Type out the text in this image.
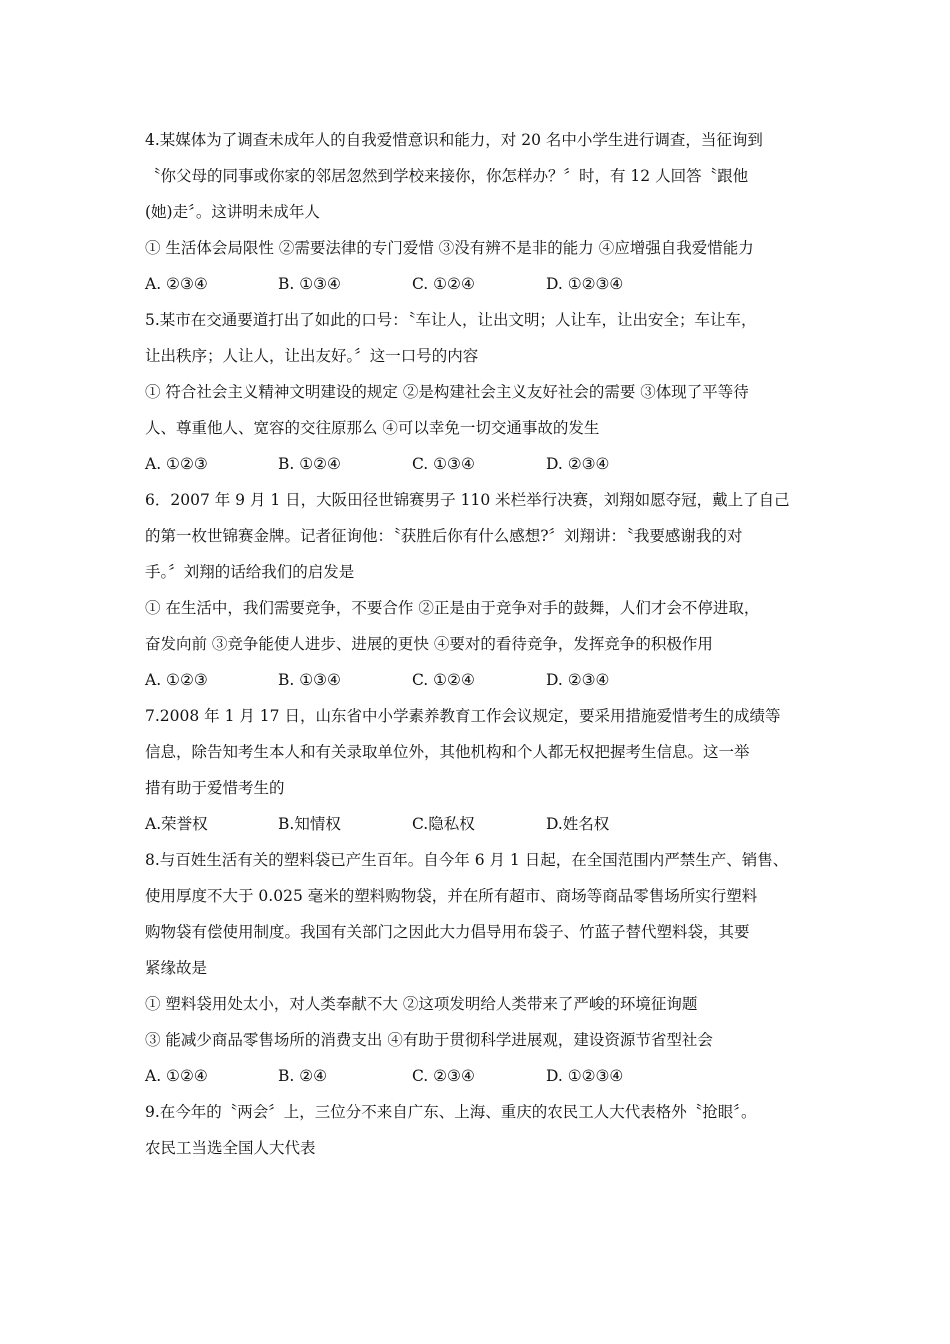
4.某媒体为了调查未成年人的自我爱惜意识和能力，对 20 名中小学生进行调查，当征询到
〝你父母的同事或你家的邻居忽然到学校来接你，你怎样办？〞时，有 12 人回答〝跟他
(她)走〞。这讲明未成年人
① 生活体会局限性 ②需要法律的专门爱惜 ③没有辨不是非的能力 ④应增强自我爱惜能力
A. ②③④	B. ①③④	C. ①②④	D. ①②③④
5.某市在交通要道打出了如此的口号：〝车让人，让出文明；人让车，让出安全；车让车，
让出秩序；人让人，让出友好。〞这一口号的内容
① 符合社会主义精神文明建设的规定 ②是构建社会主义友好社会的需要 ③体现了平等待
人、尊重他人、宽容的交往原那么 ④可以幸免一切交通事故的发生
A. ①②③	B. ①②④	C. ①③④	D. ②③④
6．2007 年 9 月 1 日，大阪田径世锦赛男子 110 米栏举行决赛，刘翔如愿夺冠，戴上了自己
的第一枚世锦赛金牌。记者征询他：〝获胜后你有什么感想?〞刘翔讲：〝我要感谢我的对
手。〞刘翔的话给我们的启发是
① 在生活中，我们需要竞争，不要合作 ②正是由于竞争对手的鼓舞，人们才会不停进取，
奋发向前 ③竞争能使人进步、进展的更快 ④要对的看待竞争，发挥竞争的积极作用
A. ①②③	B. ①③④	C. ①②④	D. ②③④
7.2008 年 1 月 17 日，山东省中小学素养教育工作会议规定，要采用措施爱惜考生的成绩等
信息，除告知考生本人和有关录取单位外，其他机构和个人都无权把握考生信息。这一举
措有助于爱惜考生的
A.荣誉权	B.知情权	C.隐私权	D.姓名权
8.与百姓生活有关的塑料袋已产生百年。自今年 6 月 1 日起，在全国范围内严禁生产、销售、
使用厚度不大于 0.025 毫米的塑料购物袋，并在所有超市、商场等商品零售场所实行塑料
购物袋有偿使用制度。我国有关部门之因此大力倡导用布袋子、竹蓝子替代塑料袋，其要
紧缘故是
① 塑料袋用处太小，对人类奉献不大 ②这项发明给人类带来了严峻的环境征询题
③ 能减少商品零售场所的消费支出 ④有助于贯彻科学进展观，建设资源节省型社会
A. ①②④	B. ②④	C. ②③④	D. ①②③④
9.在今年的〝两会〞上，三位分不来自广东、上海、重庆的农民工人大代表格外〝抢眼〞。
农民工当选全国人大代表
